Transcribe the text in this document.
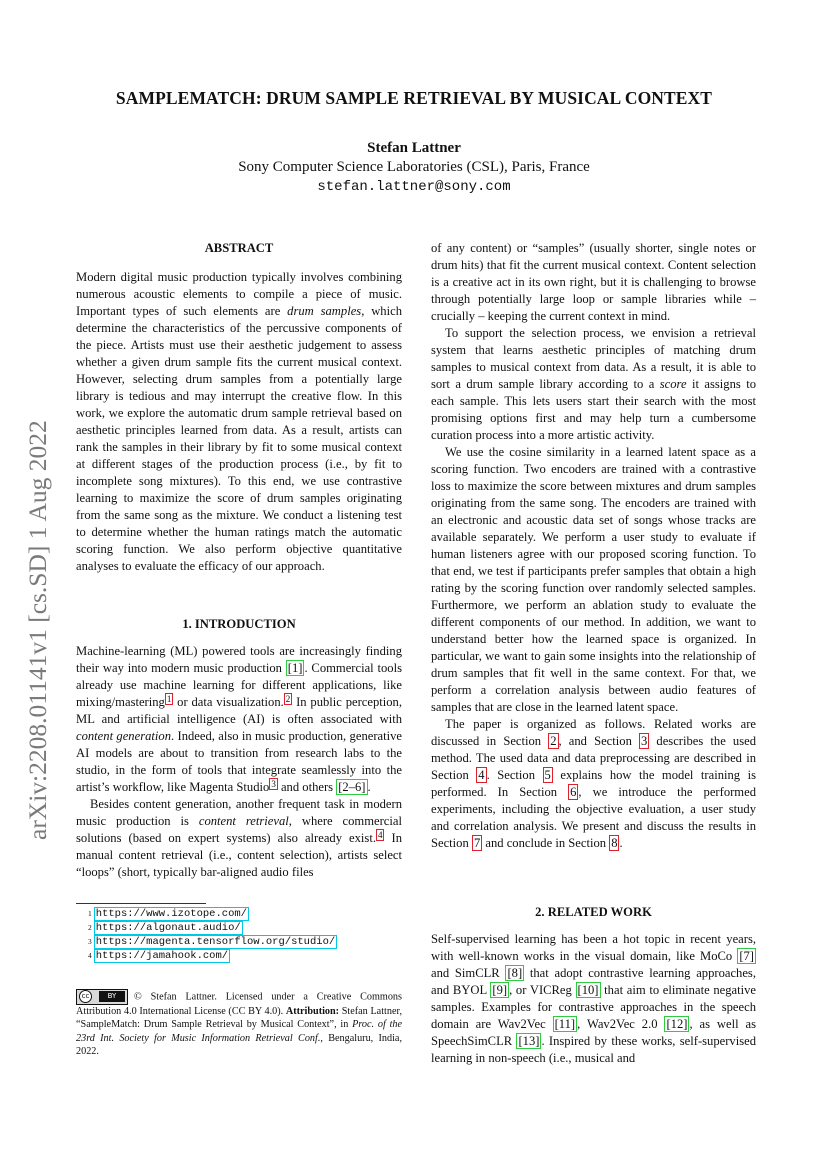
SAMPLEMATCH: DRUM SAMPLE RETRIEVAL BY MUSICAL CONTEXT
Stefan Lattner
Sony Computer Science Laboratories (CSL), Paris, France
stefan.lattner@sony.com
arXiv:2208.01141v1 [cs.SD] 1 Aug 2022
ABSTRACT

Modern digital music production typically involves combining numerous acoustic elements to compile a piece of music. Important types of such elements are drum samples, which determine the characteristics of the percussive components of the piece. Artists must use their aesthetic judgement to assess whether a given drum sample fits the current musical context. However, selecting drum samples from a potentially large library is tedious and may interrupt the creative flow. In this work, we explore the automatic drum sample retrieval based on aesthetic principles learned from data. As a result, artists can rank the samples in their library by fit to some musical context at different stages of the production process (i.e., by fit to incomplete song mixtures). To this end, we use contrastive learning to maximize the score of drum samples originating from the same song as the mixture. We conduct a listening test to determine whether the human ratings match the automatic scoring function. We also perform objective quantitative analyses to evaluate the efficacy of our approach.

1. INTRODUCTION

Machine-learning (ML) powered tools are increasingly finding their way into modern music production [1] . Commercial tools already use machine learning for different applications, like mixing/mastering $^1$ or data visualization. $^2$ In public perception, ML and artificial intelligence (AI) is often associated with content generation. Indeed, also in music production, generative AI models are about to transition from research labs to the studio, in the form of tools that integrate seamlessly into the artist’s workflow, like Magenta Studio $^3$ and others [2–6] .

Besides content generation, another frequent task in modern music production is content retrieval, where commercial solutions (based on expert systems) also already exist. $^4$ In manual content retrieval (i.e., content selection), artists select “loops” (short, typically bar-aligned audio files

$^1$ https://www.izotope.com/
$^2$ https://algonaut.audio/
$^3$ https://magenta.tensorflow.org/studio/
$^4$ https://jamahook.com/
cc	BY	© Stefan Lattner. Licensed under a Creative Commons Attribution 4.0 International License (CC BY 4.0). Attribution: Stefan Lattner, “SampleMatch: Drum Sample Retrieval by Musical Context”, in Proc. of the 23rd Int. Society for Music Information Retrieval Conf., Bengaluru, India, 2022.

of any content) or “samples” (usually shorter, single notes or drum hits) that fit the current musical context. Content selection is a creative act in its own right, but it is challenging to browse through potentially large loop or sample libraries while – crucially – keeping the current context in mind.

To support the selection process, we envision a retrieval system that learns aesthetic principles of matching drum samples to musical context from data. As a result, it is able to sort a drum sample library according to a score it assigns to each sample. This lets users start their search with the most promising options first and may help turn a cumbersome curation process into a more artistic activity.

We use the cosine similarity in a learned latent space as a scoring function. Two encoders are trained with a contrastive loss to maximize the score between mixtures and drum samples originating from the same song. The encoders are trained with an electronic and acoustic data set of songs whose tracks are available separately. We perform a user study to evaluate if human listeners agree with our proposed scoring function. To that end, we test if participants prefer samples that obtain a high rating by the scoring function over randomly selected samples. Furthermore, we perform an ablation study to evaluate the different components of our method. In addition, we want to understand better how the learned space is organized. In particular, we want to gain some insights into the relationship of drum samples that fit well in the same context. For that, we perform a correlation analysis between audio features of samples that are close in the learned latent space.

The paper is organized as follows. Related works are discussed in Section 2 , and Section 3 describes the used method. The used data and data preprocessing are described in Section 4 . Section 5 explains how the model training is performed. In Section 6 , we introduce the performed experiments, including the objective evaluation, a user study and correlation analysis. We present and discuss the results in Section 7 and conclude in Section 8 .

2. RELATED WORK

Self-supervised learning has been a hot topic in recent years, with well-known works in the visual domain, like MoCo [7] and SimCLR [8] that adopt contrastive learning approaches, and BYOL [9] , or VICReg [10] that aim to eliminate negative samples. Examples for contrastive approaches in the speech domain are Wav2Vec [11] , Wav2Vec 2.0 [12] , as well as SpeechSimCLR [13] . Inspired by these works, self-supervised learning in non-speech (i.e., musical and
